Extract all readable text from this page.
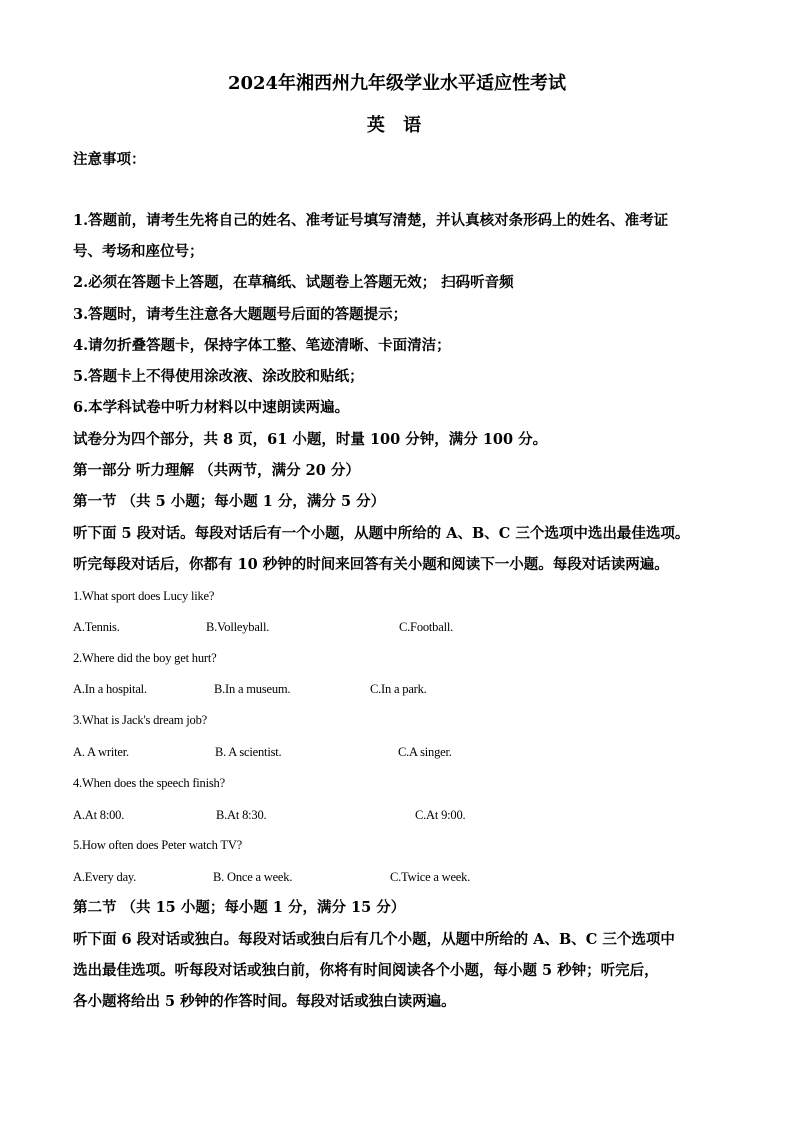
2024年湘西州九年级学业水平适应性考试
英 语
注意事项：
1.答题前，请考生先将自己的姓名、准考证号填写清楚，并认真核对条形码上的姓名、准考证
号、考场和座位号；
2.必须在答题卡上答题，在草稿纸、试题卷上答题无效； 扫码听音频
3.答题时，请考生注意各大题题号后面的答题提示；
4.请勿折叠答题卡，保持字体工整、笔迹清晰、卡面清洁；
5.答题卡上不得使用涂改液、涂改胶和贴纸；
6.本学科试卷中听力材料以中速朗读两遍。
试卷分为四个部分，共 8 页，61 小题，时量 100 分钟，满分 100 分。
第一部分 听力理解 （共两节，满分 20 分）
第一节 （共 5 小题；每小题 1 分，满分 5 分）
听下面 5 段对话。每段对话后有一个小题，从题中所给的 A、B、C 三个选项中选出最佳选项。
听完每段对话后，你都有 10 秒钟的时间来回答有关小题和阅读下一小题。每段对话读两遍。
1.What sport does Lucy like?
A.Tennis.	B.Volleyball.	C.Football.
2.Where did the boy get hurt?
A.In a hospital.	B.In a museum.	C.In a park.
3.What is Jack's dream job?
A. A writer.	B. A scientist.	C.A singer.
4.When does the speech finish?
A.At 8:00.	B.At 8:30.	C.At 9:00.
5.How often does Peter watch TV?
A.Every day.	B. Once a week.	C.Twice a week.
第二节 （共 15 小题；每小题 1 分，满分 15 分）
听下面 6 段对话或独白。每段对话或独白后有几个小题，从题中所给的 A、B、C 三个选项中
选出最佳选项。听每段对话或独白前，你将有时间阅读各个小题，每小题 5 秒钟；听完后，
各小题将给出 5 秒钟的作答时间。每段对话或独白读两遍。
